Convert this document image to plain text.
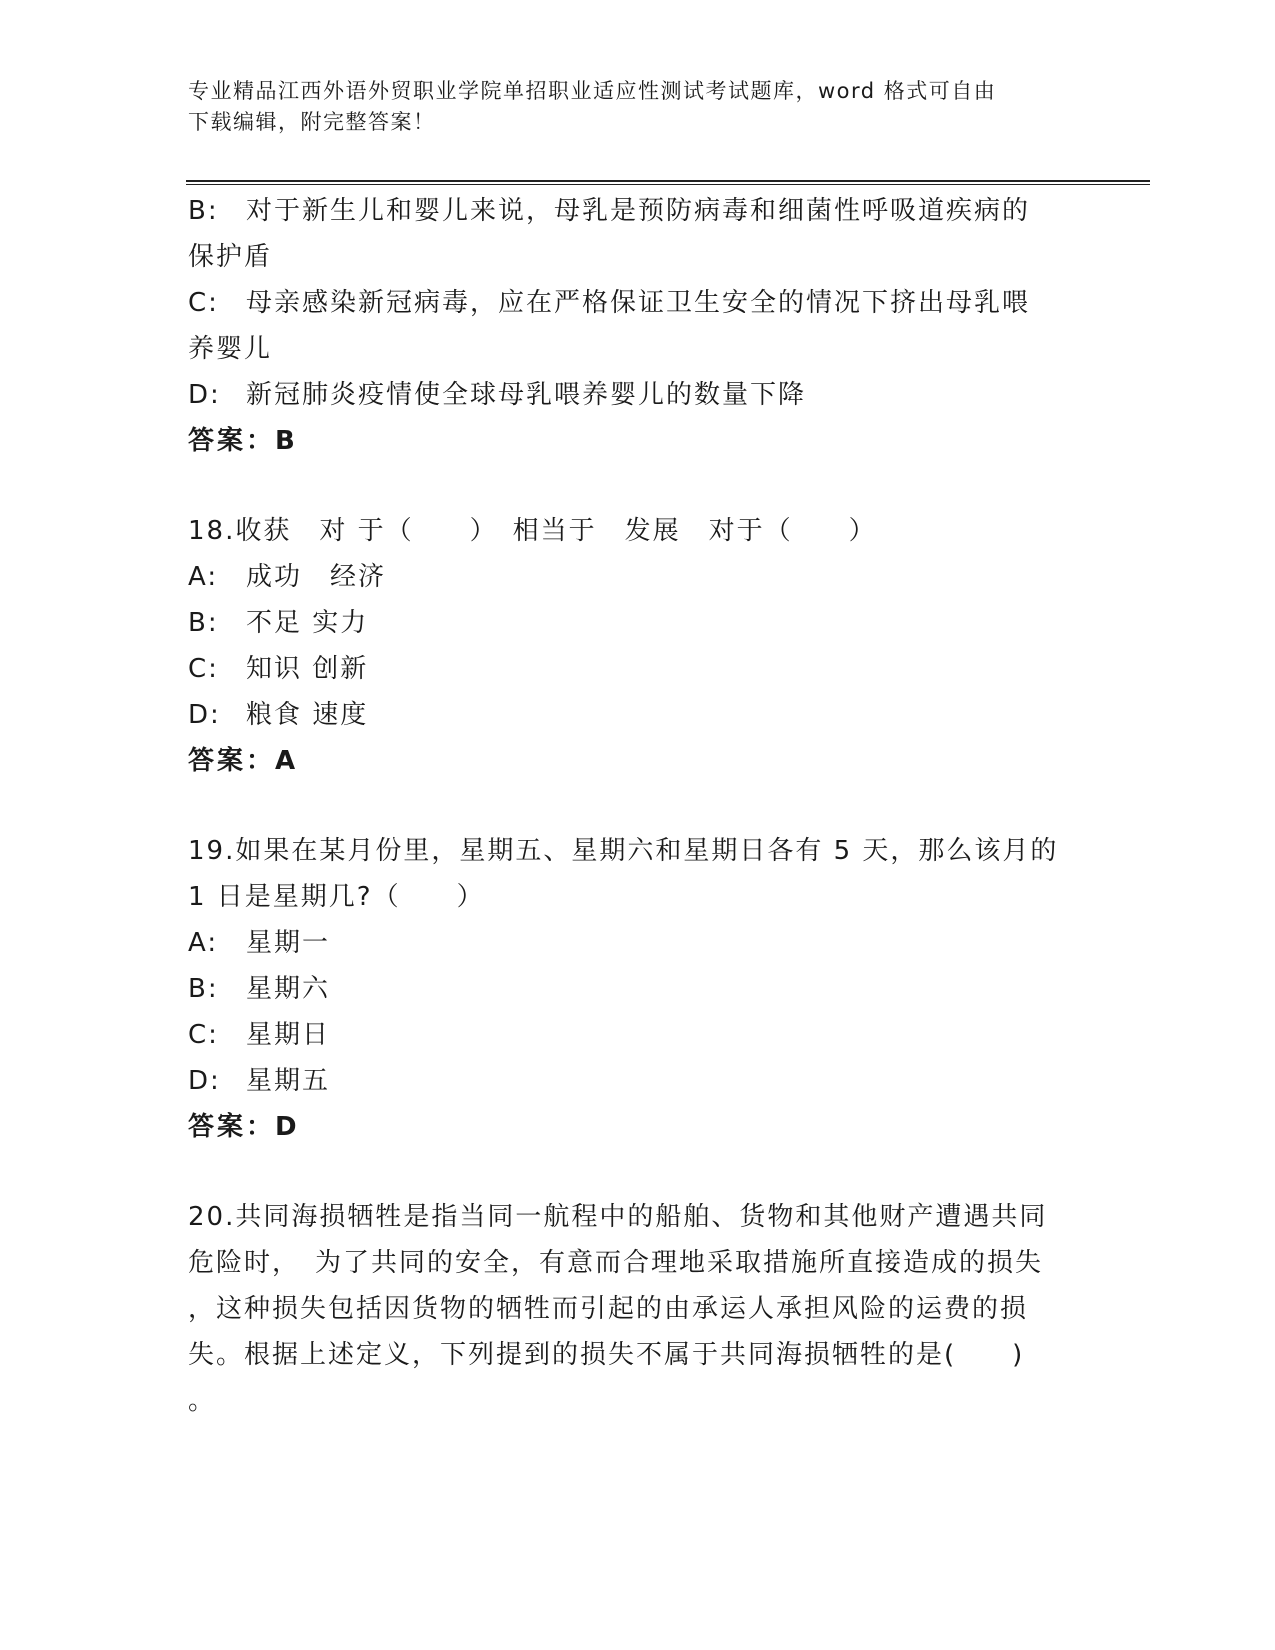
专业精品江西外语外贸职业学院单招职业适应性测试考试题库，word 格式可自由
下载编辑，附完整答案！
B: 对于新生儿和婴儿来说，母乳是预防病毒和细菌性呼吸道疾病的
保护盾
C: 母亲感染新冠病毒，应在严格保证卫生安全的情况下挤出母乳喂
养婴儿
D: 新冠肺炎疫情使全球母乳喂养婴儿的数量下降
答案：B
18.收获　对 于（　　）　相当于　发展　对于（　　）
A: 成功　经济
B: 不足 实力
C: 知识 创新
D: 粮食 速度
答案：A
19.如果在某月份里，星期五、星期六和星期日各有 5 天，那么该月的
1 日是星期几?（　　）
A: 星期一
B: 星期六
C: 星期日
D: 星期五
答案：D
20.共同海损牺牲是指当同一航程中的船舶、货物和其他财产遭遇共同
危险时，　为了共同的安全，有意而合理地采取措施所直接造成的损失
，这种损失包括因货物的牺牲而引起的由承运人承担风险的运费的损
失。根据上述定义，下列提到的损失不属于共同海损牺牲的是(　　)
。
